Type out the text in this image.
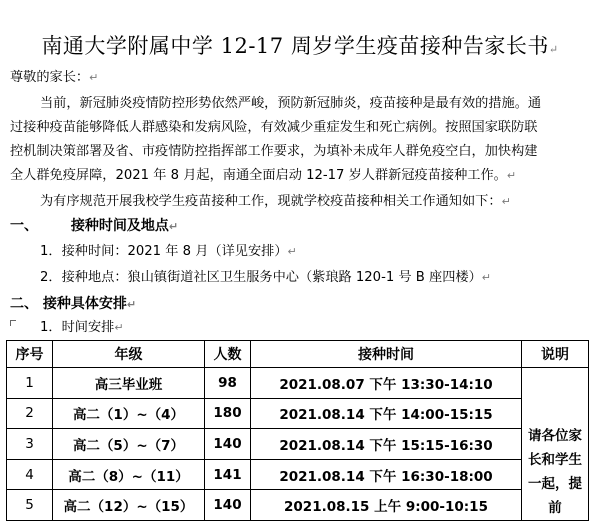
南通大学附属中学 12-17 周岁学生疫苗接种告家长书↵
尊敬的家长：↵
当前，新冠肺炎疫情防控形势依然严峻，预防新冠肺炎，疫苗接种是最有效的措施。通
过接种疫苗能够降低人群感染和发病风险，有效减少重症发生和死亡病例。按照国家联防联
控机制决策部署及省、市疫情防控指挥部工作要求，为填补未成年人群免疫空白，加快构建
全人群免疫屏障，2021 年 8 月起，南通全面启动 12-17 岁人群新冠疫苗接种工作。↵
为有序规范开展我校学生疫苗接种工作，现就学校疫苗接种相关工作通知如下：↵
一、 接种时间及地点↵
1．接种时间：2021 年 8 月（详见安排）↵
2．接种地点：狼山镇街道社区卫生服务中心（紫琅路 120-1 号 B 座四楼）↵
二、 接种具体安排↵
1．时间安排↵
序号	年级	人数	接种时间	说明
1	高三毕业班	98	2021.08.07 下午 13:30-14:10	请各位家
长和学生
一起，提前

2	高二（1）~（4）	180	2021.08.14 下午 14:00-15:15	
3	高二（5）~（7）	140	2021.08.14 下午 15:15-16:30	
4	高二（8）~（11）	141	2021.08.14 下午 16:30-18:00	
5	高二（12）~（15）	140	2021.08.15 上午 9:00-10:15	
